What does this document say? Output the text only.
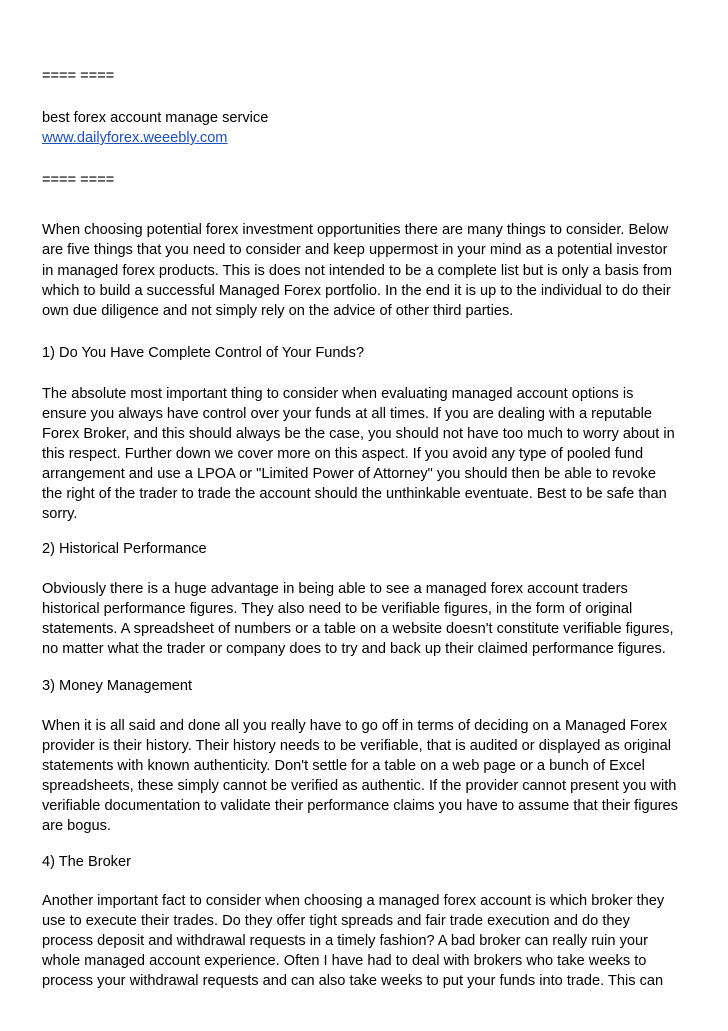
==== ====
best forex account manage service
www.dailyforex.weeebly.com
==== ====
When choosing potential forex investment opportunities there are many things to consider. Below
are five things that you need to consider and keep uppermost in your mind as a potential investor
in managed forex products. This is does not intended to be a complete list but is only a basis from
which to build a successful Managed Forex portfolio. In the end it is up to the individual to do their
own due diligence and not simply rely on the advice of other third parties.
1) Do You Have Complete Control of Your Funds?
The absolute most important thing to consider when evaluating managed account options is
ensure you always have control over your funds at all times. If you are dealing with a reputable
Forex Broker, and this should always be the case, you should not have too much to worry about in
this respect. Further down we cover more on this aspect. If you avoid any type of pooled fund
arrangement and use a LPOA or "Limited Power of Attorney" you should then be able to revoke
the right of the trader to trade the account should the unthinkable eventuate. Best to be safe than
sorry.
2) Historical Performance
Obviously there is a huge advantage in being able to see a managed forex account traders
historical performance figures. They also need to be verifiable figures, in the form of original
statements. A spreadsheet of numbers or a table on a website doesn't constitute verifiable figures,
no matter what the trader or company does to try and back up their claimed performance figures.
3) Money Management
When it is all said and done all you really have to go off in terms of deciding on a Managed Forex
provider is their history. Their history needs to be verifiable, that is audited or displayed as original
statements with known authenticity. Don't settle for a table on a web page or a bunch of Excel
spreadsheets, these simply cannot be verified as authentic. If the provider cannot present you with
verifiable documentation to validate their performance claims you have to assume that their figures
are bogus.
4) The Broker
Another important fact to consider when choosing a managed forex account is which broker they
use to execute their trades. Do they offer tight spreads and fair trade execution and do they
process deposit and withdrawal requests in a timely fashion? A bad broker can really ruin your
whole managed account experience. Often I have had to deal with brokers who take weeks to
process your withdrawal requests and can also take weeks to put your funds into trade. This can
